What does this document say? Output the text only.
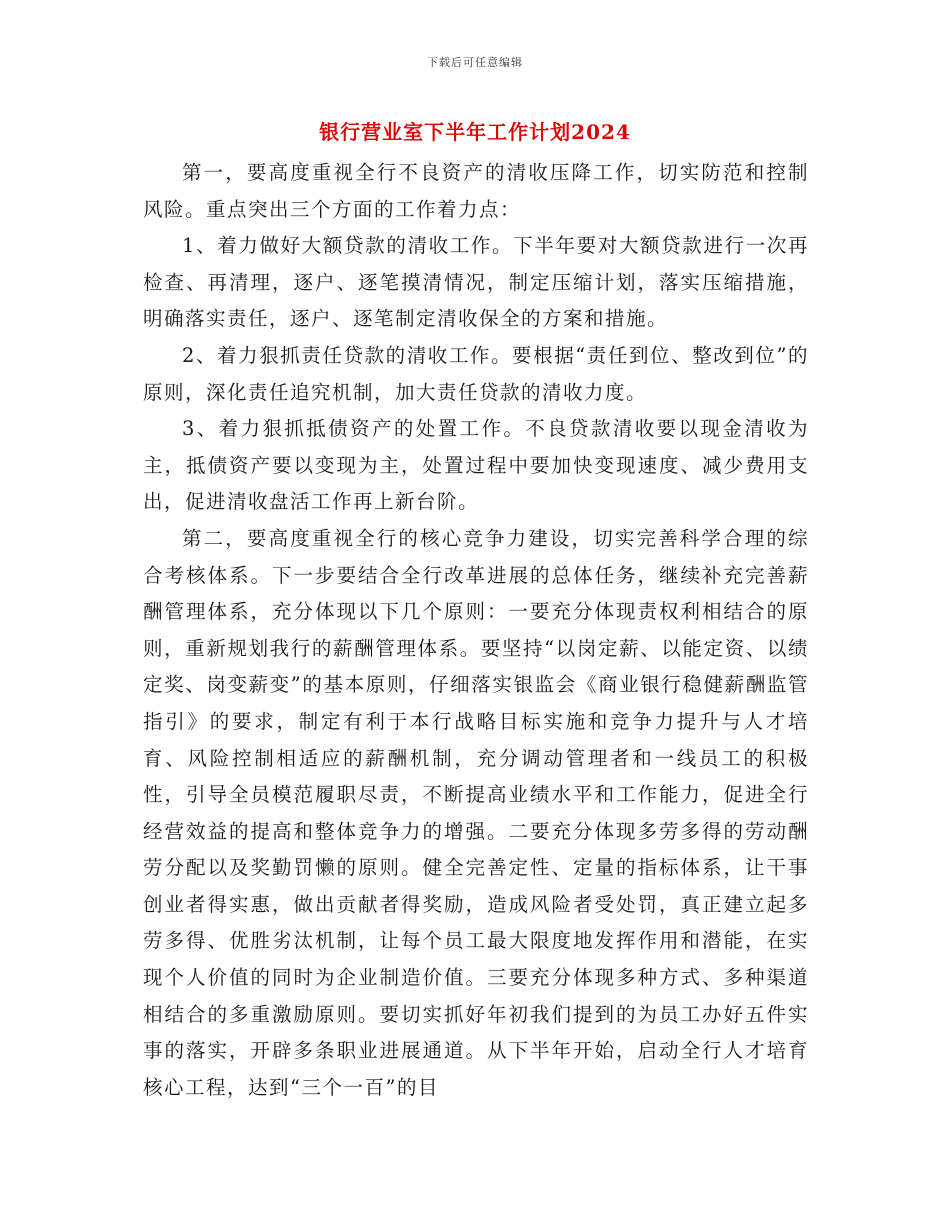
下载后可任意编辑
银行营业室下半年工作计划2024

第一，要高度重视全行不良资产的清收压降工作，切实防范和控制风险。重点突出三个方面的工作着力点：

1、着力做好大额贷款的清收工作。下半年要对大额贷款进行一次再检查、再清理，逐户、逐笔摸清情况，制定压缩计划，落实压缩措施，明确落实责任，逐户、逐笔制定清收保全的方案和措施。

2、着力狠抓责任贷款的清收工作。要根据“责任到位、整改到位”的原则，深化责任追究机制，加大责任贷款的清收力度。

3、着力狠抓抵债资产的处置工作。不良贷款清收要以现金清收为主，抵债资产要以变现为主，处置过程中要加快变现速度、减少费用支出，促进清收盘活工作再上新台阶。

第二，要高度重视全行的核心竞争力建设，切实完善科学合理的综合考核体系。下一步要结合全行改革进展的总体任务，继续补充完善薪酬管理体系，充分体现以下几个原则：一要充分体现责权利相结合的原则，重新规划我行的薪酬管理体系。要坚持“以岗定薪、以能定资、以绩定奖、岗变薪变”的基本原则，仔细落实银监会《商业银行稳健薪酬监管指引》的要求，制定有利于本行战略目标实施和竞争力提升与人才培育、风险控制相适应的薪酬机制，充分调动管理者和一线员工的积极性，引导全员模范履职尽责，不断提高业绩水平和工作能力，促进全行经营效益的提高和整体竞争力的增强。二要充分体现多劳多得的劳动酬劳分配以及奖勤罚懒的原则。健全完善定性、定量的指标体系，让干事创业者得实惠，做出贡献者得奖励，造成风险者受处罚，真正建立起多劳多得、优胜劣汰机制，让每个员工最大限度地发挥作用和潜能，在实现个人价值的同时为企业制造价值。三要充分体现多种方式、多种渠道相结合的多重激励原则。要切实抓好年初我们提到的为员工办好五件实事的落实，开辟多条职业进展通道。从下半年开始，启动全行人才培育核心工程，达到“三个一百”的目
